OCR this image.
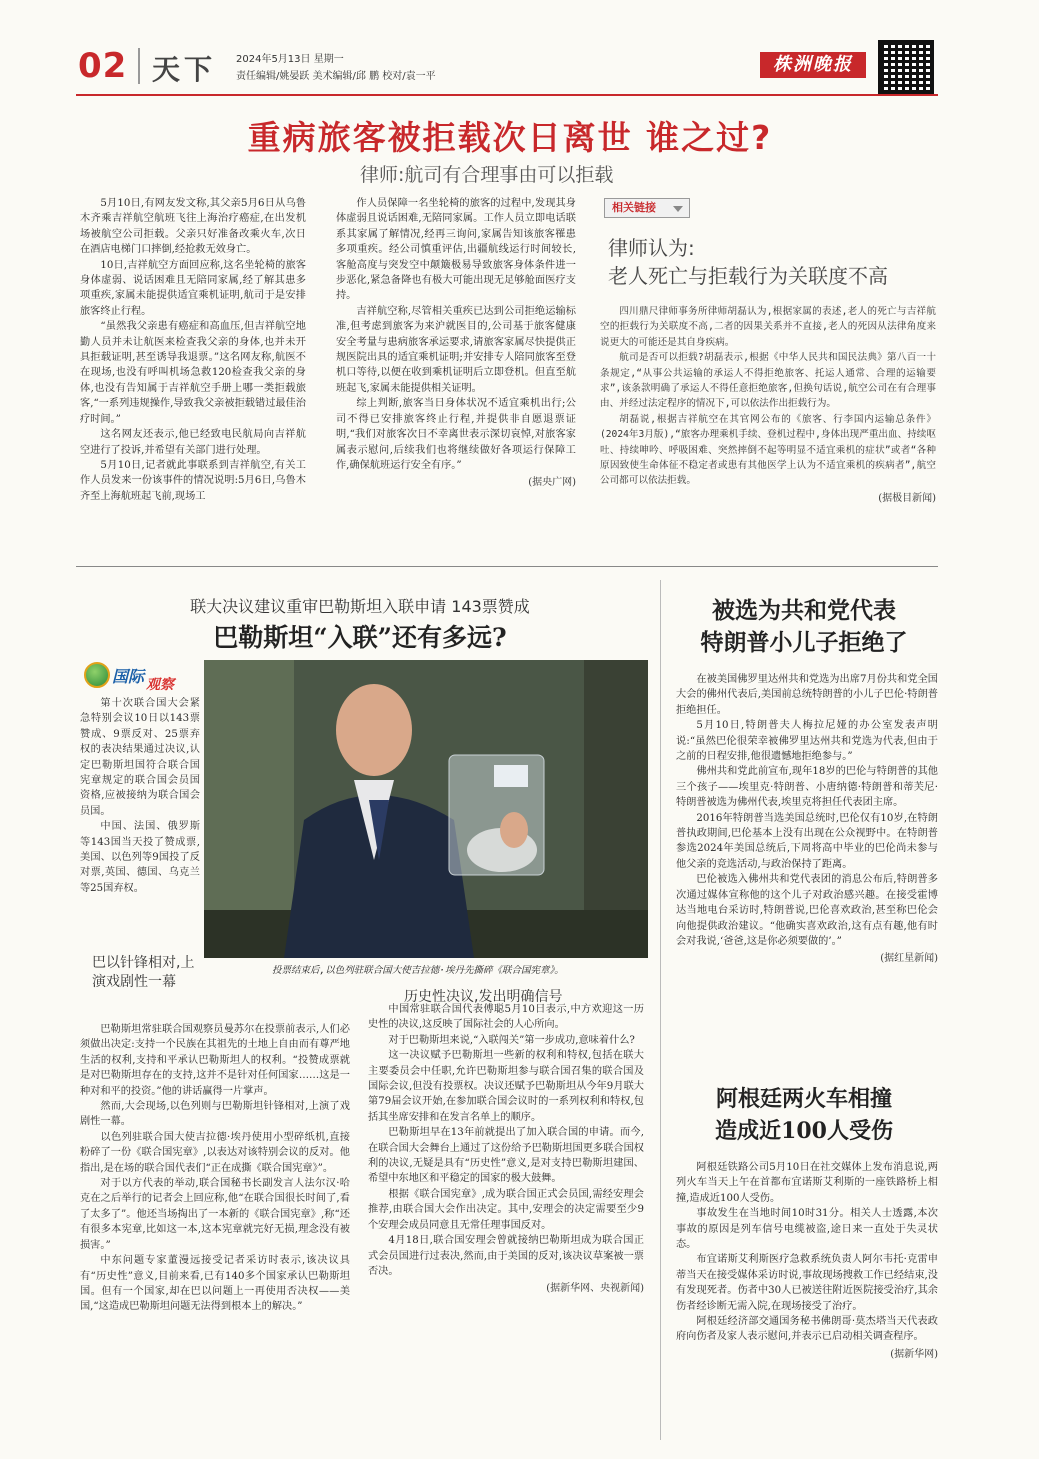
02 天下 2024年5月13日 星期一
责任编辑/姚晏跃 美术编辑/邱 鹏 校对/袁一平
株洲晚报
重病旅客被拒载次日离世 谁之过?
律师:航司有合理事由可以拒载

5月10日,有网友发文称,其父亲5月6日从乌鲁木齐乘吉祥航空航班飞往上海治疗癌症,在出发机场被航空公司拒载。父亲只好准备改乘火车,次日在酒店电梯门口摔倒,经抢救无效身亡。

10日,吉祥航空方面回应称,这名坐轮椅的旅客身体虚弱、说话困难且无陪同家属,经了解其患多项重疾,家属未能提供适宜乘机证明,航司于是安排旅客终止行程。

“虽然我父亲患有癌症和高血压,但吉祥航空地勤人员并未让航医来检查我父亲的身体,也并未开具拒载证明,甚至诱导我退票。”这名网友称,航医不在现场,也没有呼叫机场急救120检查我父亲的身体,也没有告知属于吉祥航空手册上哪一类拒载旅客,“一系列违规操作,导致我父亲被拒载错过最佳治疗时间。”

这名网友还表示,他已经致电民航局向吉祥航空进行了投诉,并希望有关部门进行处理。

5月10日,记者就此事联系到吉祥航空,有关工作人员发来一份该事件的情况说明:5月6日,乌鲁木齐至上海航班起飞前,现场工

作人员保障一名坐轮椅的旅客的过程中,发现其身体虚弱且说话困难,无陪同家属。工作人员立即电话联系其家属了解情况,经再三询问,家属告知该旅客罹患多项重疾。经公司慎重评估,出疆航线运行时间较长,客舱高度与突发空中颠簸极易导致旅客身体条件进一步恶化,紧急备降也有极大可能出现无足够舱面医疗支持。

吉祥航空称,尽管相关重疾已达到公司拒绝运输标准,但考虑到旅客为来沪就医目的,公司基于旅客健康安全考量与患病旅客承运要求,请旅客家属尽快提供正规医院出具的适宜乘机证明;并安排专人陪同旅客至登机口等待,以便在收到乘机证明后立即登机。但直至航班起飞,家属未能提供相关证明。

综上判断,旅客当日身体状况不适宜乘机出行;公司不得已安排旅客终止行程,并提供非自愿退票证明,“我们对旅客次日不幸离世表示深切哀悼,对旅客家属表示慰问,后续我们也将继续做好各项运行保障工作,确保航班运行安全有序。”

(据央广网)
相关链接
律师认为:
老人死亡与拒载行为关联度不高

四川鼎尺律师事务所律师胡磊认为,根据家属的表述,老人的死亡与吉祥航空的拒载行为关联度不高,二者的因果关系并不直接,老人的死因从法律角度来说更大的可能还是其自身疾病。

航司是否可以拒载?胡磊表示,根据《中华人民共和国民法典》第八百一十条规定,“从事公共运输的承运人不得拒绝旅客、托运人通常、合理的运输要求”,该条款明确了承运人不得任意拒绝旅客,但换句话说,航空公司在有合理事由、并经过法定程序的情况下,可以依法作出拒载行为。

胡磊说,根据吉祥航空在其官网公布的《旅客、行李国内运输总条件》(2024年3月版),“旅客办理乘机手续、登机过程中,身体出现严重出血、持续呕吐、持续呻吟、呼吸困难、突然摔倒不起等明显不适宜乘机的症状”或者“各种原因致使生命体征不稳定者或患有其他医学上认为不适宜乘机的疾病者”,航空公司都可以依法拒载。

(据极目新闻)
联大决议建议重审巴勒斯坦入联申请 143票赞成
巴勒斯坦“入联”还有多远?
国际 观察

第十次联合国大会紧急特别会议10日以143票赞成、9票反对、25票弃权的表决结果通过决议,认定巴勒斯坦国符合联合国宪章规定的联合国会员国资格,应被接纳为联合国会员国。

中国、法国、俄罗斯等143国当天投了赞成票,美国、以色列等9国投了反对票,英国、德国、乌克兰等25国弃权。

投票结束后,以色列驻联合国大使吉拉德·埃丹先撕碎《联合国宪章》。
巴以针锋相对,上演戏剧性一幕
历史性决议,发出明确信号

巴勒斯坦常驻联合国观察员曼苏尔在投票前表示,人们必须做出决定:支持一个民族在其祖先的土地上自由而有尊严地生活的权利,支持和平承认巴勒斯坦人的权利。“投赞成票就是对巴勒斯坦存在的支持,这并不是针对任何国家……这是一种对和平的投资。”他的讲话赢得一片掌声。

然而,大会现场,以色列则与巴勒斯坦针锋相对,上演了戏剧性一幕。

以色列驻联合国大使吉拉德·埃丹使用小型碎纸机,直接粉碎了一份《联合国宪章》,以表达对该特别会议的反对。他指出,是在场的联合国代表们“正在成撕《联合国宪章》”。

对于以方代表的举动,联合国秘书长副发言人法尔汉·哈克在之后举行的记者会上回应称,他“在联合国很长时间了,看了太多了”。他还当场掏出了一本新的《联合国宪章》,称“还有很多本宪章,比如这一本,这本宪章就完好无损,理念没有被损害。”

中东问题专家董漫远接受记者采访时表示,该决议具有“历史性”意义,目前来看,已有140多个国家承认巴勒斯坦国。但有一个国家,却在巴以问题上一再使用否决权——美国,“这造成巴勒斯坦问题无法得到根本上的解决。”

中国常驻联合国代表傅聪5月10日表示,中方欢迎这一历史性的决议,这反映了国际社会的人心所向。

对于巴勒斯坦来说,“入联闯关”第一步成功,意味着什么?

这一决议赋予巴勒斯坦一些新的权利和特权,包括在联大主要委员会中任职,允许巴勒斯坦参与联合国召集的联合国及国际会议,但没有投票权。决议还赋予巴勒斯坦从今年9月联大第79届会议开始,在参加联合国会议时的一系列权利和特权,包括其坐席安排和在发言名单上的顺序。

巴勒斯坦早在13年前就提出了加入联合国的申请。而今,在联合国大会舞台上通过了这份给予巴勒斯坦国更多联合国权利的决议,无疑是具有“历史性”意义,是对支持巴勒斯坦建国、希望中东地区和平稳定的国家的极大鼓舞。

根据《联合国宪章》,成为联合国正式会员国,需经安理会推荐,由联合国大会作出决定。其中,安理会的决定需要至少9个安理会成员同意且无常任理事国反对。

4月18日,联合国安理会曾就接纳巴勒斯坦成为联合国正式会员国进行过表决,然而,由于美国的反对,该决议草案被一票否决。

(据新华网、央视新闻)
被选为共和党代表
特朗普小儿子拒绝了

在被美国佛罗里达州共和党选为出席7月份共和党全国大会的佛州代表后,美国前总统特朗普的小儿子巴伦·特朗普拒绝担任。

5月10日,特朗普夫人梅拉尼娅的办公室发表声明说:“虽然巴伦很荣幸被佛罗里达州共和党选为代表,但由于之前的日程安排,他很遗憾地拒绝参与。”

佛州共和党此前宣布,现年18岁的巴伦与特朗普的其他三个孩子——埃里克·特朗普、小唐纳德·特朗普和蒂芙尼·特朗普被选为佛州代表,埃里克将担任代表团主席。

2016年特朗普当选美国总统时,巴伦仅有10岁,在特朗普执政期间,巴伦基本上没有出现在公众视野中。在特朗普参选2024年美国总统后,下周将高中毕业的巴伦尚未参与他父亲的竞选活动,与政治保持了距离。

巴伦被选入佛州共和党代表团的消息公布后,特朗普多次通过媒体宣称他的这个儿子对政治感兴趣。在接受霍博达当地电台采访时,特朗普说,巴伦喜欢政治,甚至称巴伦会向他提供政治建议。“他确实喜欢政治,这有点有趣,他有时会对我说,‘爸爸,这是你必须要做的’。”

(据红星新闻)
阿根廷两火车相撞
造成近100人受伤

阿根廷铁路公司5月10日在社交媒体上发布消息说,两列火车当天上午在首都布宜诺斯艾利斯的一座铁路桥上相撞,造成近100人受伤。

事故发生在当地时间10时31分。相关人士透露,本次事故的原因是列车信号电缆被盗,途日来一直处于失灵状态。

布宜诺斯艾利斯医疗急救系统负责人阿尔韦托·克雷申蒂当天在接受媒体采访时说,事故现场搜救工作已经结束,没有发现死者。伤者中30人已被送往附近医院接受治疗,其余伤者经诊断无需入院,在现场接受了治疗。

阿根廷经济部交通国务秘书佛朗哥·莫杰塔当天代表政府向伤者及家人表示慰问,并表示已启动相关调查程序。

(据新华网)
